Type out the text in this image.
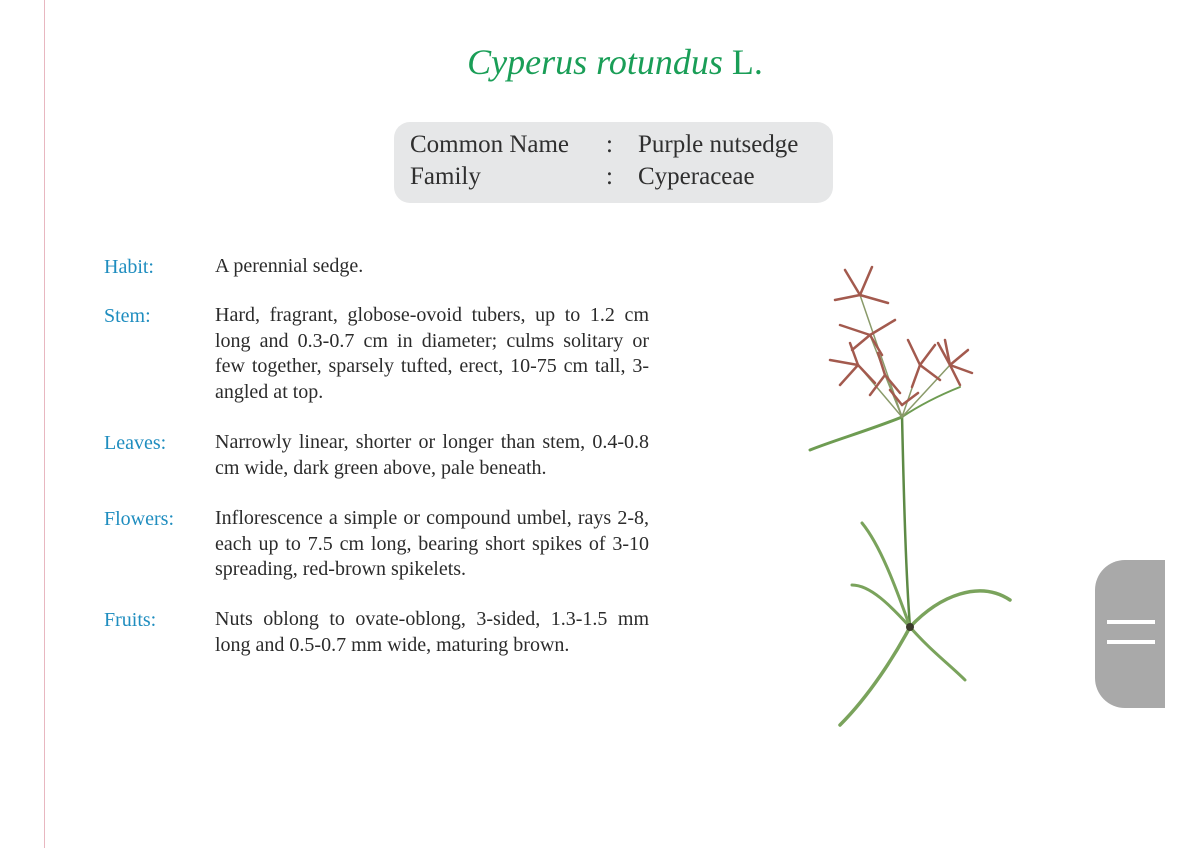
Cyperus rotundus L.
Common Name : Purple nutsedge
Family	: Cyperaceae
Habit:	A perennial sedge.
Stem:	Hard, fragrant, globose-ovoid tubers, up to 1.2 cm long and 0.3-0.7 cm in diameter; culms solitary or few together, sparsely tufted, erect, 10-75 cm tall, 3-angled at top.
Leaves: Narrowly linear, shorter or longer than stem, 0.4-0.8 cm wide, dark green above, pale beneath.
Flowers: Inflorescence a simple or compound umbel, rays 2-8, each up to 7.5 cm long, bearing short spikes of 3-10 spreading, red-brown spikelets.
Fruits:	Nuts oblong to ovate-oblong, 3-sided, 1.3-1.5 mm long and 0.5-0.7 mm wide, maturing brown.
